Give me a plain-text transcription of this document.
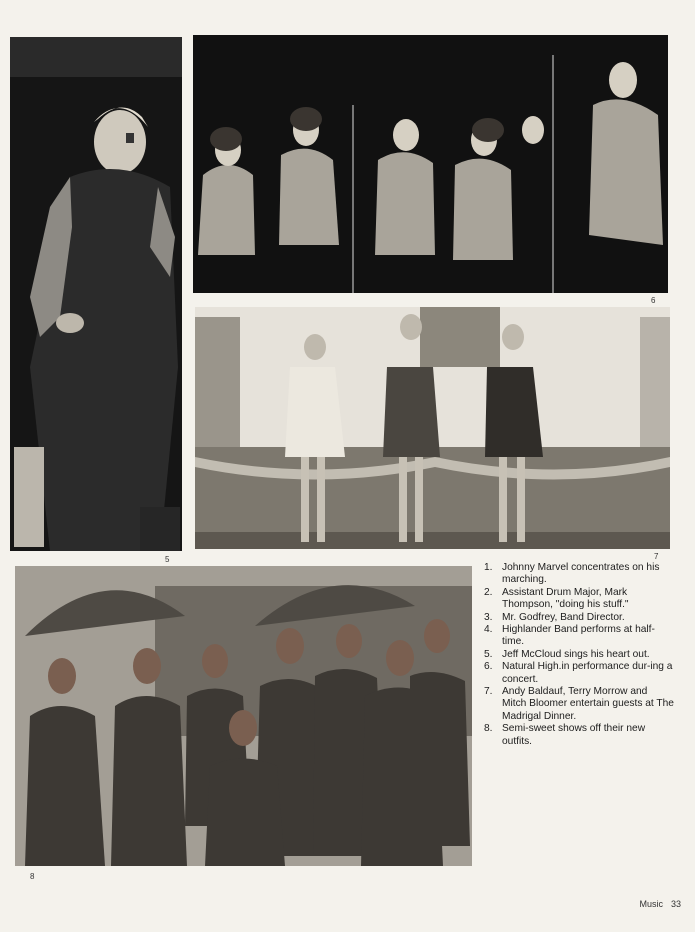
5
6
7
8
1. Johnny Marvel concentrates on his marching.
2. Assistant Drum Major, Mark Thompson, "doing his stuff."
3. Mr. Godfrey, Band Director.
4. Highlander Band performs at half-time.
5. Jeff McCloud sings his heart out.
6. Natural High.in performance dur-ing a concert.
7. Andy Baldauf, Terry Morrow and Mitch Bloomer entertain guests at The Madrigal Dinner.
8. Semi-sweet shows off their new outfits.
Music 33
